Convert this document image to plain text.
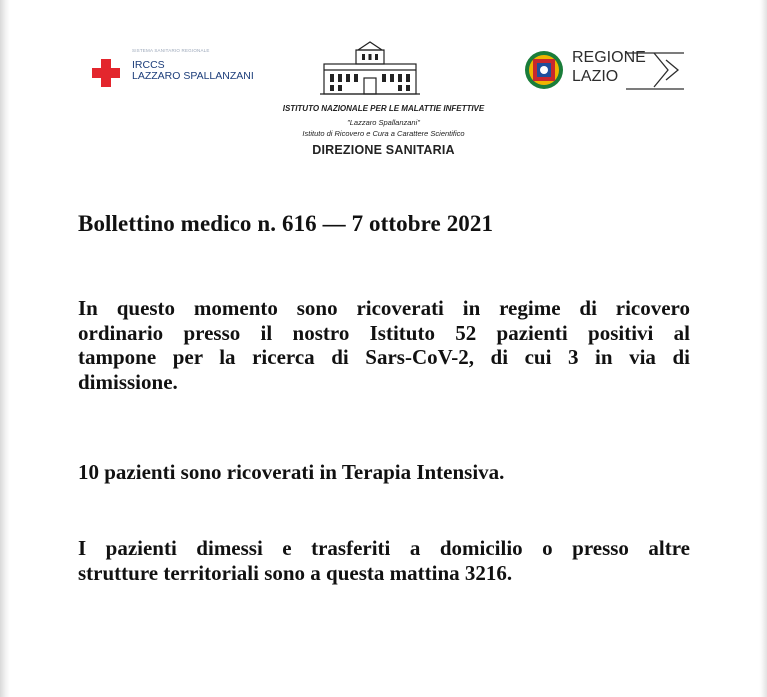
SISTEMA SANITARIO REGIONALE
IRCCS
LAZZARO SPALLANZANI
REGIONE
LAZIO
ISTITUTO NAZIONALE PER LE MALATTIE INFETTIVE
"Lazzaro Spallanzani"
Istituto di Ricovero e Cura a Carattere Scientifico
DIREZIONE SANITARIA
Bollettino medico n. 616 — 7 ottobre 2021
In questo momento sono ricoverati in regime di ricovero
ordinario presso il nostro Istituto 52 pazienti positivi al
tampone per la ricerca di Sars-CoV-2, di cui 3 in via di
dimissione.
10 pazienti sono ricoverati in Terapia Intensiva.
I pazienti dimessi e trasferiti a domicilio o presso altre
strutture territoriali sono a questa mattina 3216.
